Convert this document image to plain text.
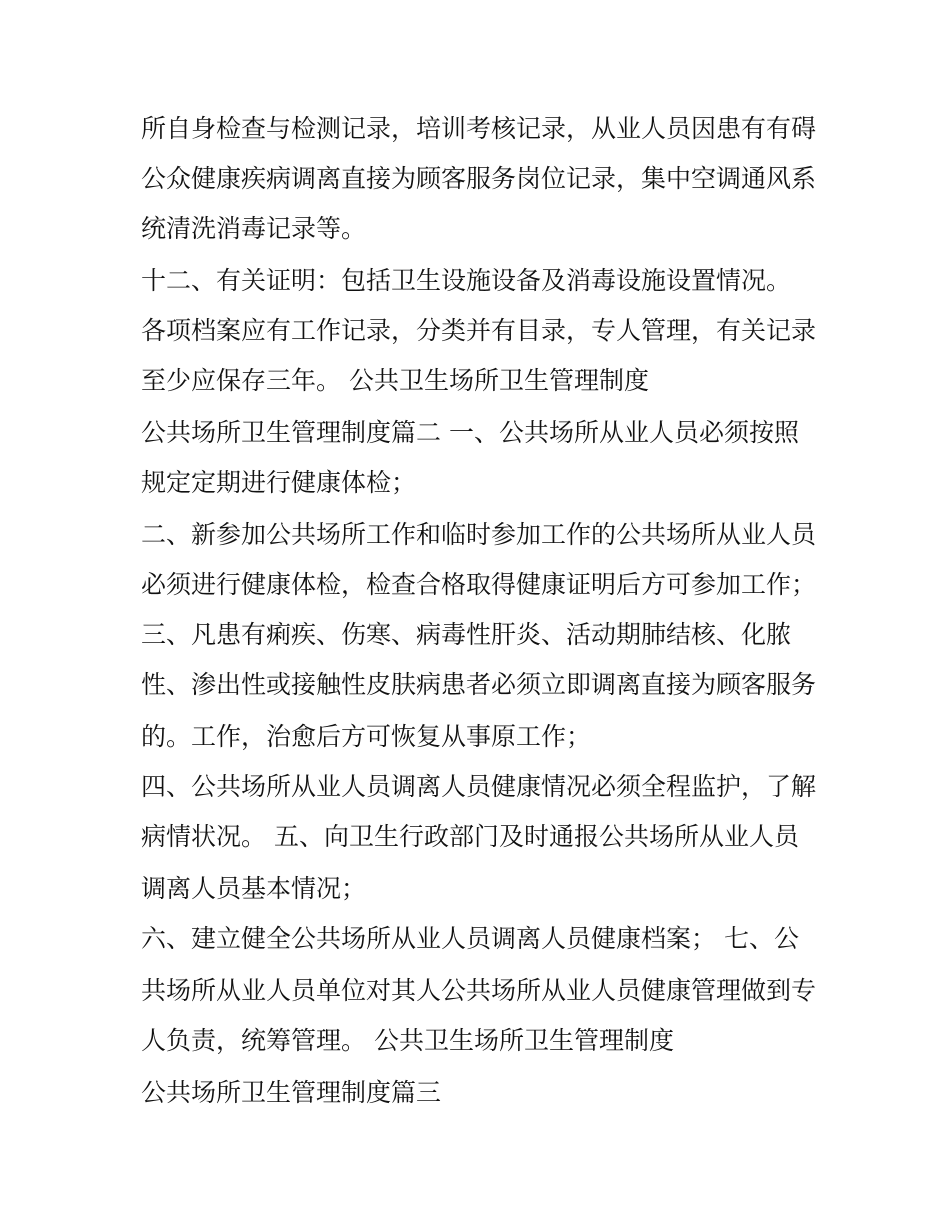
所自身检查与检测记录，培训考核记录，从业人员因患有有碍
公众健康疾病调离直接为顾客服务岗位记录，集中空调通风系
统清洗消毒记录等。
十二、有关证明：包括卫生设施设备及消毒设施设置情况。
各项档案应有工作记录，分类并有目录，专人管理，有关记录
至少应保存三年。 公共卫生场所卫生管理制度
公共场所卫生管理制度篇二 一、公共场所从业人员必须按照
规定定期进行健康体检；
二、新参加公共场所工作和临时参加工作的公共场所从业人员
必须进行健康体检，检查合格取得健康证明后方可参加工作；
三、凡患有痢疾、伤寒、病毒性肝炎、活动期肺结核、化脓
性、渗出性或接触性皮肤病患者必须立即调离直接为顾客服务
的。工作，治愈后方可恢复从事原工作；
四、公共场所从业人员调离人员健康情况必须全程监护，了解
病情状况。 五、向卫生行政部门及时通报公共场所从业人员
调离人员基本情况；
六、建立健全公共场所从业人员调离人员健康档案； 七、公
共场所从业人员单位对其人公共场所从业人员健康管理做到专
人负责，统筹管理。 公共卫生场所卫生管理制度
公共场所卫生管理制度篇三
